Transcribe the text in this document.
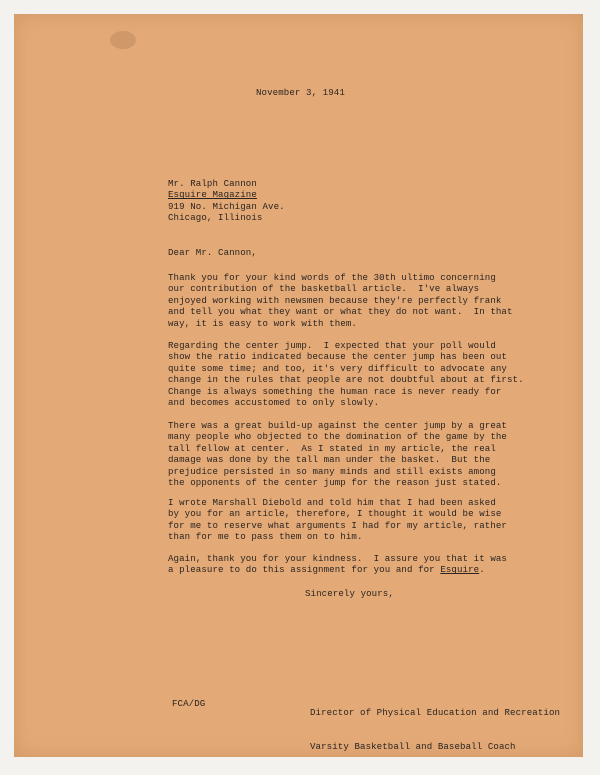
November 3, 1941

Mr. Ralph Cannon
Esquire Magazine
919 No. Michigan Ave.
Chicago, Illinois

Dear Mr. Cannon,

Thank you for your kind words of the 30th ultimo concerning
our contribution of the basketball article.  I've always
enjoyed working with newsmen because they're perfectly frank
and tell you what they want or what they do not want.  In that
way, it is easy to work with them.

Regarding the center jump.  I expected that your poll would
show the ratio indicated because the center jump has been out
quite some time; and too, it's very difficult to advocate any
change in the rules that people are not doubtful about at first.
Change is always something the human race is never ready for
and becomes accustomed to only slowly.

There was a great build-up against the center jump by a great
many people who objected to the domination of the game by the
tall fellow at center.  As I stated in my article, the real
damage was done by the tall man under the basket.  But the
prejudice persisted in so many minds and still exists among
the opponents of the center jump for the reason just stated.

I wrote Marshall Diebold and told him that I had been asked
by you for an article, therefore, I thought it would be wise
for me to reserve what arguments I had for my article, rather
than for me to pass them on to him.

Again, thank you for your kindness.  I assure you that it was
a pleasure to do this assignment for you and for Esquire.

Sincerely yours,

FCA/DG

Director of Physical Education and Recreation

Varsity Basketball and Baseball Coach
